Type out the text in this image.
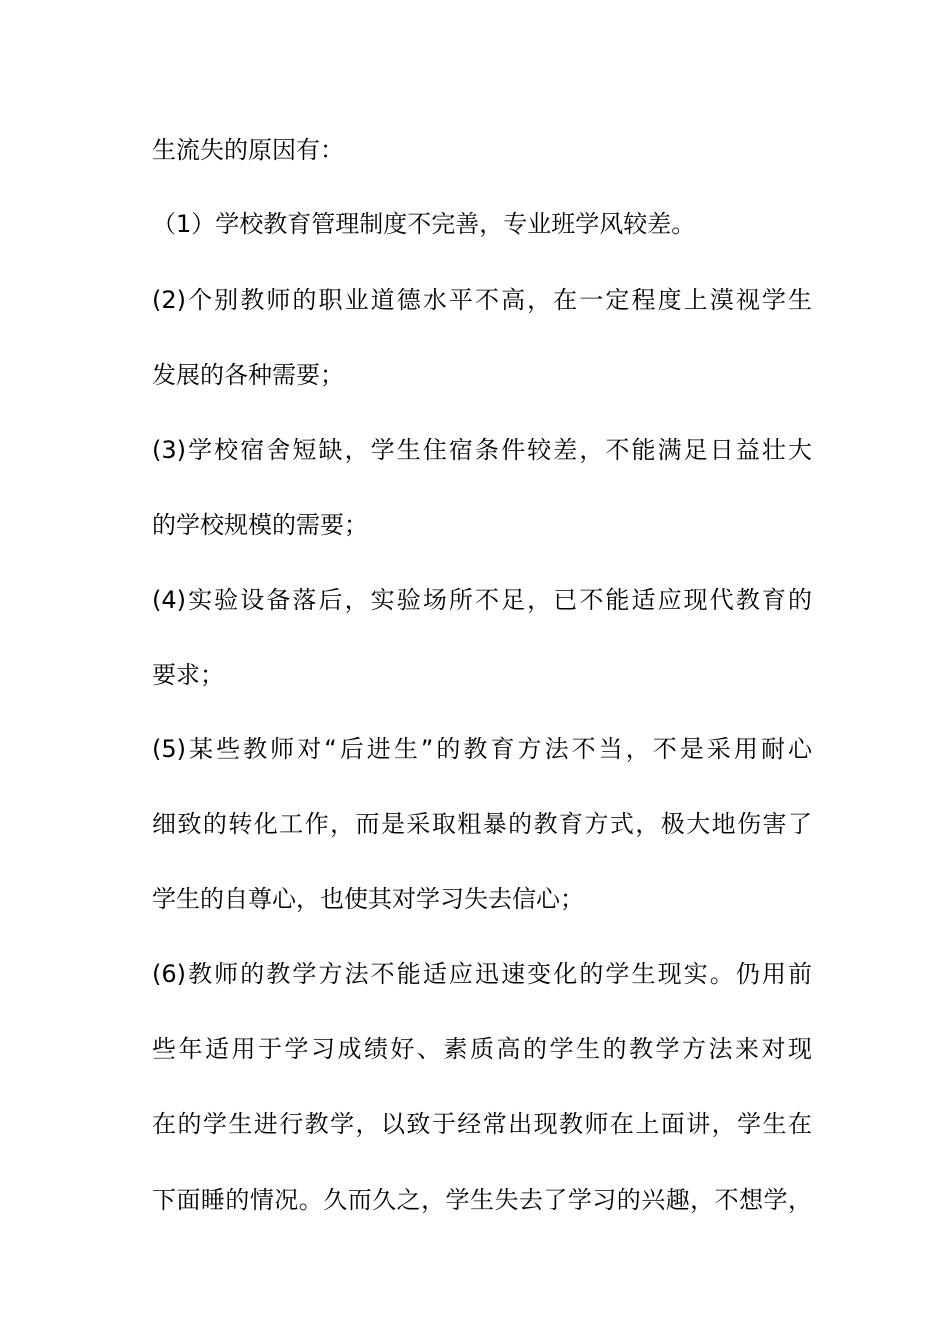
生流失的原因有：
（1）学校教育管理制度不完善，专业班学风较差。
(2)个别教师的职业道德水平不高，在一定程度上漠视学生
发展的各种需要；
(3)学校宿舍短缺，学生住宿条件较差，不能满足日益壮大
的学校规模的需要；
(4)实验设备落后，实验场所不足，已不能适应现代教育的
要求；
(5)某些教师对“后进生”的教育方法不当，不是采用耐心
细致的转化工作，而是采取粗暴的教育方式，极大地伤害了
学生的自尊心，也使其对学习失去信心；
(6)教师的教学方法不能适应迅速变化的学生现实。仍用前
些年适用于学习成绩好、素质高的学生的教学方法来对现
在的学生进行教学，以致于经常出现教师在上面讲，学生在
下面睡的情况。久而久之，学生失去了学习的兴趣，不想学，
